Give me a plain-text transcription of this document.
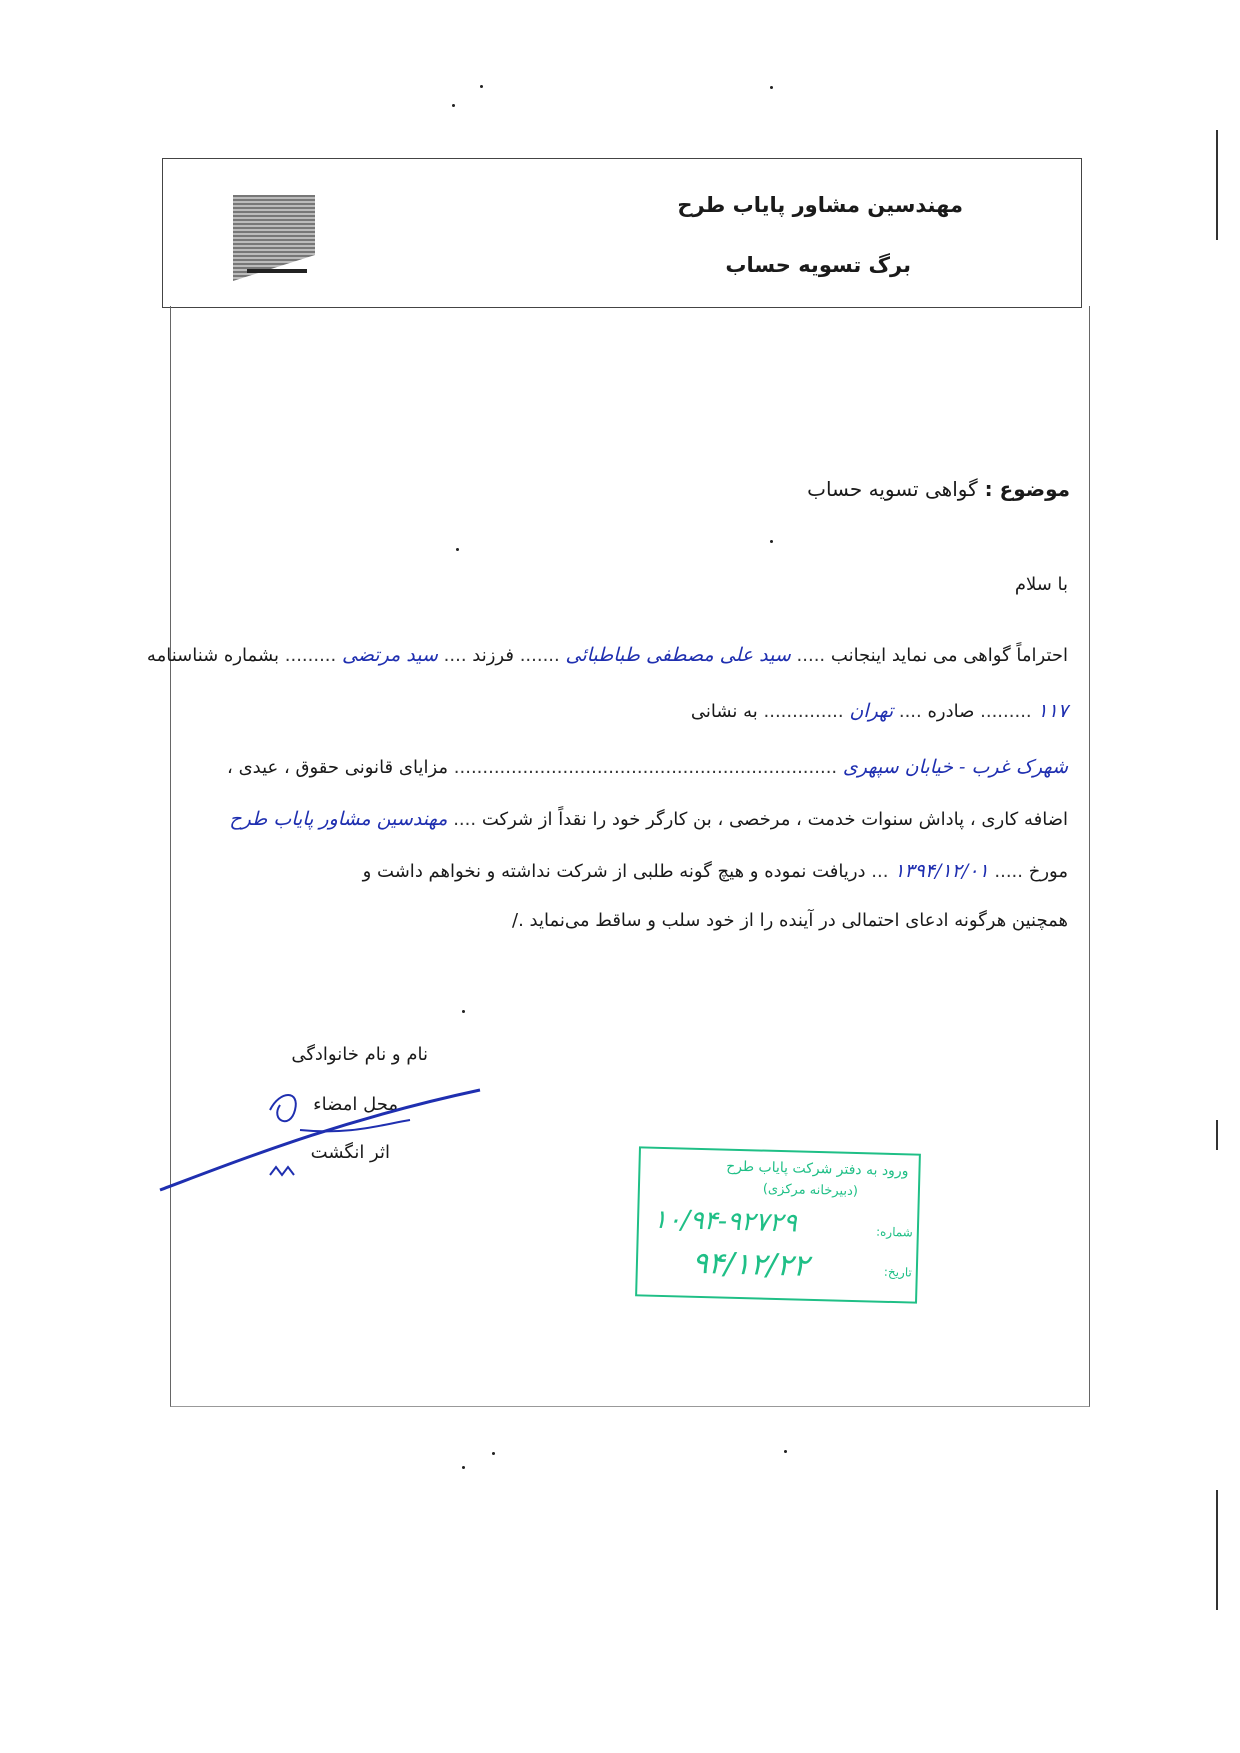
مهندسین مشاور پایاب طرح
برگ تسویه حساب
موضوع : گواهی تسویه حساب
با سلام
احتراماً گواهی می نماید اینجانب ..... سید علی مصطفی طباطبائی ....... فرزند .... سید مرتضی ......... بشماره شناسنامه
۱۱۷ ......... صادره .... تهران .............. به نشانی
شهرک غرب - خیابان سپهری ................................................................... مزایای قانونی حقوق ، عیدی ،
اضافه کاری ، پاداش سنوات خدمت ، مرخصی ، بن کارگر خود را نقداً از شرکت .... مهندسین مشاور پایاب طرح
مورخ ..... ۱۳۹۴/۱۲/۰۱ ... دریافت نموده و هیچ گونه طلبی از شرکت نداشته و نخواهم داشت و
همچنین هرگونه ادعای احتمالی در آینده را از خود سلب و ساقط می‌نماید ./
نام و نام خانوادگی
محل امضاء
اثر انگشت
ورود به دفتر شرکت پایاب طرح
(دبیرخانه مرکزی)
شماره:
۱۰/۹۴-۹۲۷۲۹
تاریخ:
۹۴/۱۲/۲۲
